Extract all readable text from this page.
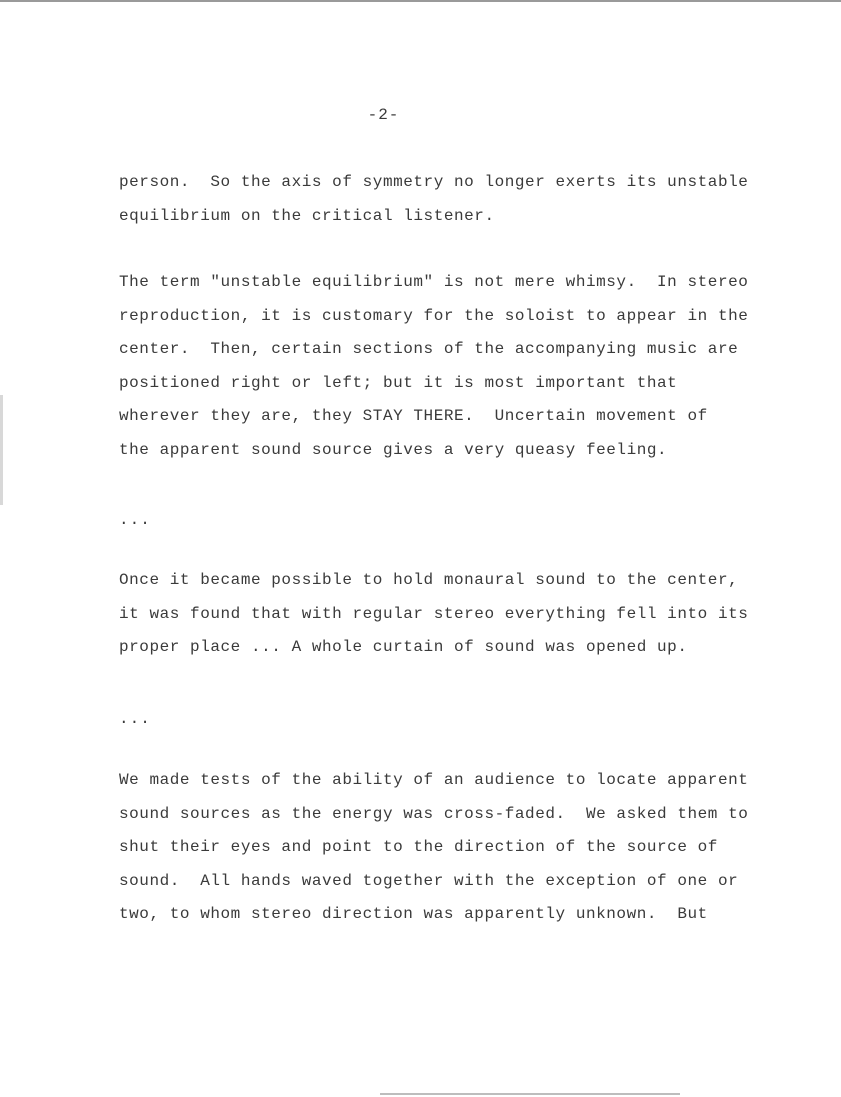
-2-
person.  So the axis of symmetry no longer exerts its unstable
equilibrium on the critical listener.
The term "unstable equilibrium" is not mere whimsy.  In stereo
reproduction, it is customary for the soloist to appear in the
center.  Then, certain sections of the accompanying music are
positioned right or left; but it is most important that
wherever they are, they STAY THERE.  Uncertain movement of
the apparent sound source gives a very queasy feeling.
...
Once it became possible to hold monaural sound to the center,
it was found that with regular stereo everything fell into its
proper place ... A whole curtain of sound was opened up.
...
We made tests of the ability of an audience to locate apparent
sound sources as the energy was cross-faded.  We asked them to
shut their eyes and point to the direction of the source of
sound.  All hands waved together with the exception of one or
two, to whom stereo direction was apparently unknown.  But
